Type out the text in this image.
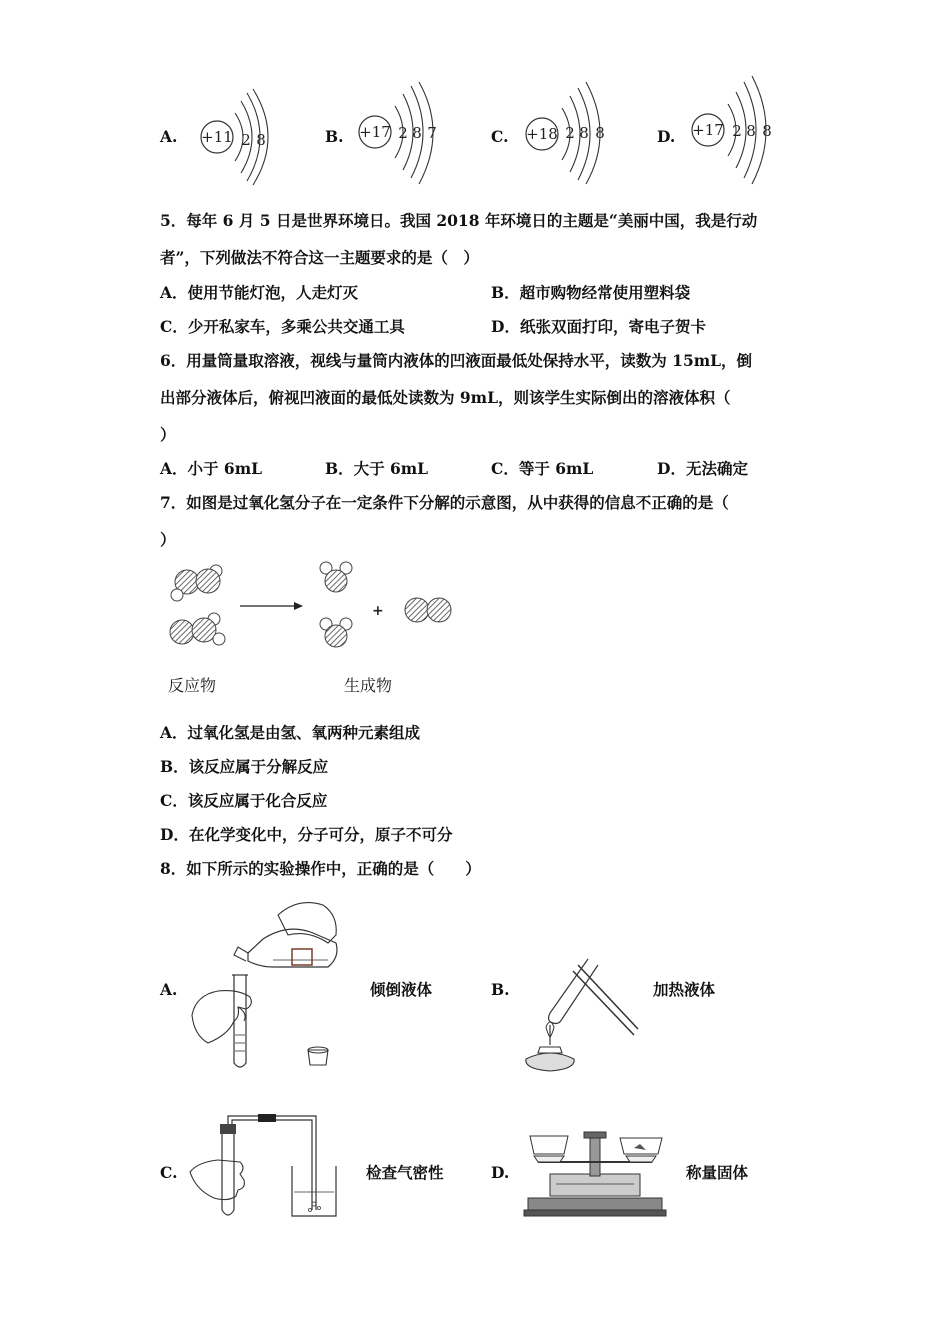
A. +11 2 8	B. +17 2 8 7	C. +18 2 8 8	D. +17 2 8 8
5．每年 6 月 5 日是世界环境日。我国 2018 年环境日的主题是“美丽中国，我是行动
者”，下列做法不符合这一主题要求的是（　）
A．使用节能灯泡，人走灯灭	B．超市购物经常使用塑料袋
C．少开私家车，多乘公共交通工具	D．纸张双面打印，寄电子贺卡
6．用量筒量取溶液，视线与量筒内液体的凹液面最低处保持水平，读数为 15mL，倒
出部分液体后，俯视凹液面的最低处读数为 9mL，则该学生实际倒出的溶液体积（
）
A．小于 6mL	B．大于 6mL	C．等于 6mL	D．无法确定
7．如图是过氧化氢分子在一定条件下分解的示意图，从中获得的信息不正确的是（
）
+
反应物	生成物
A．过氧化氢是由氢、氧两种元素组成
B．该反应属于分解反应
C．该反应属于化合反应
D．在化学变化中，分子可分，原子不可分
8．如下所示的实验操作中，正确的是（　　）
A.	倾倒液体	B.	加热液体
C.	检查气密性	D.	称量固体
